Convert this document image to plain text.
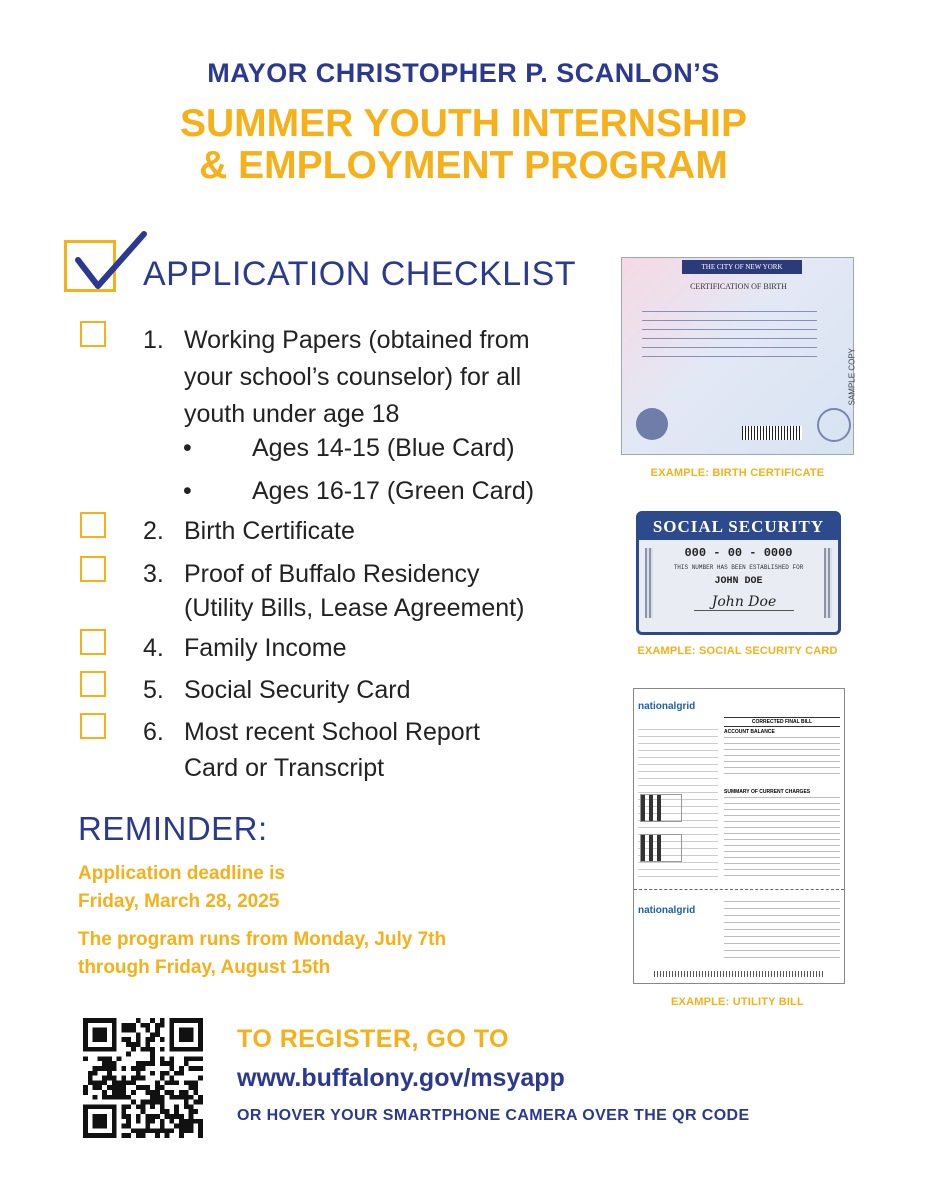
MAYOR CHRISTOPHER P. SCANLON’S
SUMMER YOUTH INTERNSHIP
& EMPLOYMENT PROGRAM
APPLICATION CHECKLIST
1. Working Papers (obtained from
your school’s counselor) for all
youth under age 18
• Ages 14-15 (Blue Card)
• Ages 16-17 (Green Card)
2. Birth Certificate
3. Proof of Buffalo Residency
(Utility Bills, Lease Agreement)
4. Family Income
5. Social Security Card
6. Most recent School Report
Card or Transcript
REMINDER:
Application deadline is
Friday, March 28, 2025
The program runs from Monday, July 7th
through Friday, August 15th
TO REGISTER, GO TO
www.buffalony.gov/msyapp
OR HOVER YOUR SMARTPHONE CAMERA OVER THE QR CODE
THE CITY OF NEW YORK
CERTIFICATION OF BIRTH
SAMPLE COPY
EXAMPLE: BIRTH CERTIFICATE
SOCIAL SECURITY
000 - 00 - 0000
THIS NUMBER HAS BEEN ESTABLISHED FOR
JOHN DOE
John Doe
EXAMPLE: SOCIAL SECURITY CARD
nationalgrid
CORRECTED FINAL BILL
ACCOUNT BALANCE
SUMMARY OF CURRENT CHARGES
nationalgrid
EXAMPLE: UTILITY BILL
